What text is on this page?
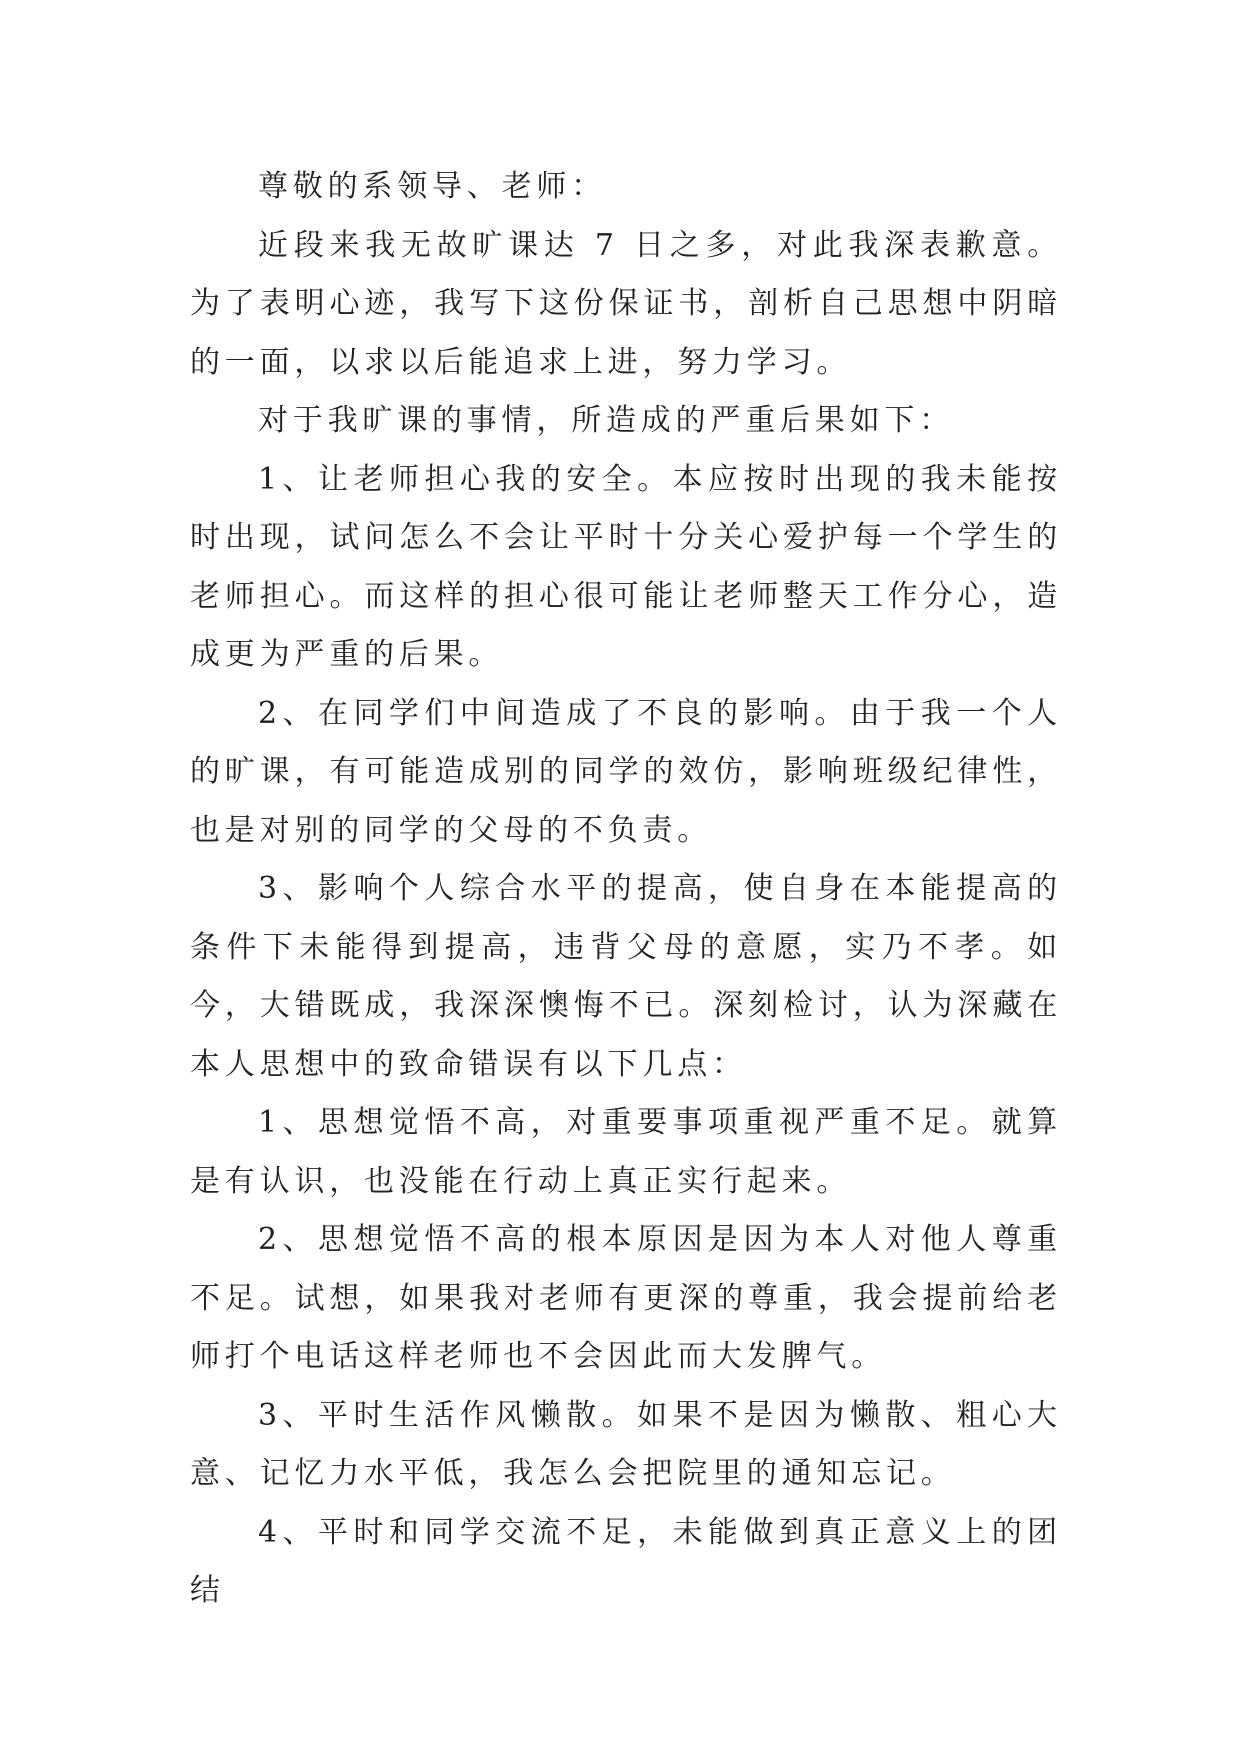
尊敬的系领导、老师：

近段来我无故旷课达 7 日之多，对此我深表歉意。为了表明心迹，我写下这份保证书，剖析自己思想中阴暗的一面，以求以后能追求上进，努力学习。

对于我旷课的事情，所造成的严重后果如下：

1、让老师担心我的安全。本应按时出现的我未能按时出现，试问怎么不会让平时十分关心爱护每一个学生的老师担心。而这样的担心很可能让老师整天工作分心，造成更为严重的后果。

2、在同学们中间造成了不良的影响。由于我一个人的旷课，有可能造成别的同学的效仿，影响班级纪律性，也是对别的同学的父母的不负责。

3、影响个人综合水平的提高，使自身在本能提高的条件下未能得到提高，违背父母的意愿，实乃不孝。如今，大错既成，我深深懊悔不已。深刻检讨，认为深藏在本人思想中的致命错误有以下几点：

1、思想觉悟不高，对重要事项重视严重不足。就算是有认识，也没能在行动上真正实行起来。

2、思想觉悟不高的根本原因是因为本人对他人尊重不足。试想，如果我对老师有更深的尊重，我会提前给老师打个电话这样老师也不会因此而大发脾气。

3、平时生活作风懒散。如果不是因为懒散、粗心大意、记忆力水平低，我怎么会把院里的通知忘记。

4、平时和同学交流不足，未能做到真正意义上的团结
